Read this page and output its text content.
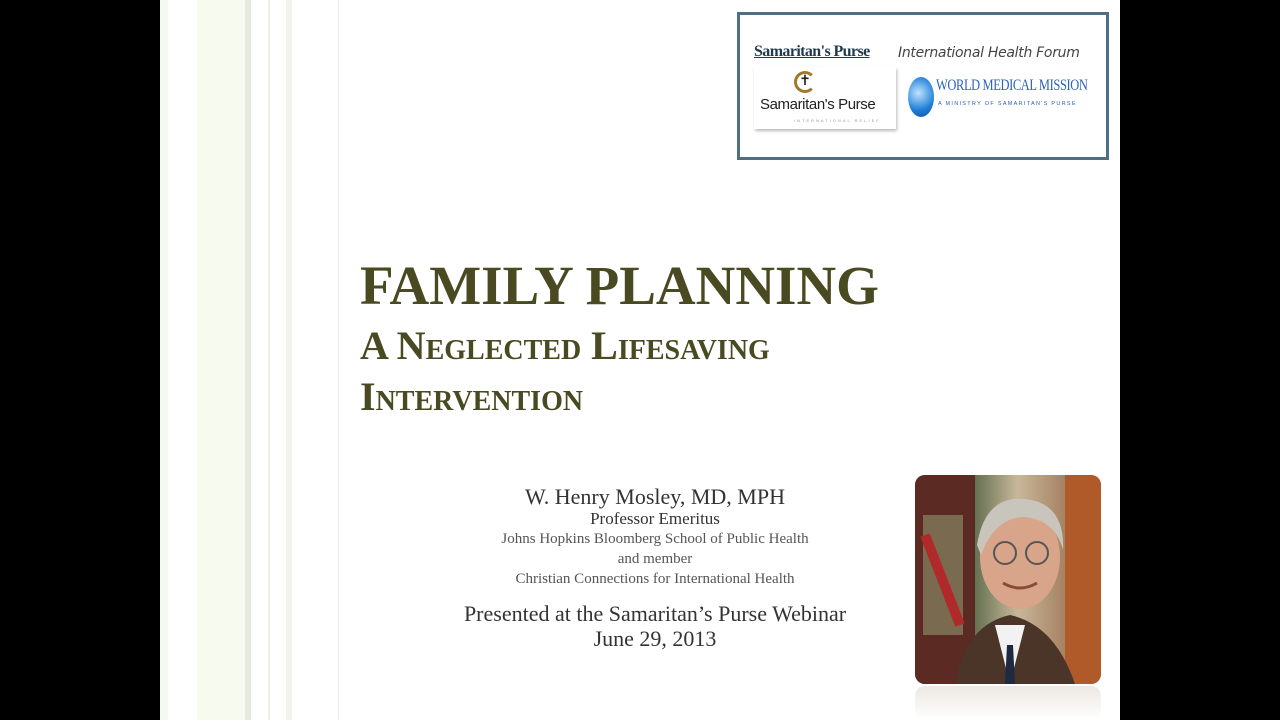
Samaritan's Purse International Health Forum
✝
Samaritan's Purse
INTERNATIONAL RELIEF
WORLD MEDICAL MISSION
A MINISTRY OF SAMARITAN'S PURSE
FAMILY PLANNING
A Neglected Lifesaving Intervention
W. Henry Mosley, MD, MPH
Professor Emeritus
Johns Hopkins Bloomberg School of Public Health
and member
Christian Connections for International Health
Presented at the Samaritan’s Purse Webinar
June 29, 2013
